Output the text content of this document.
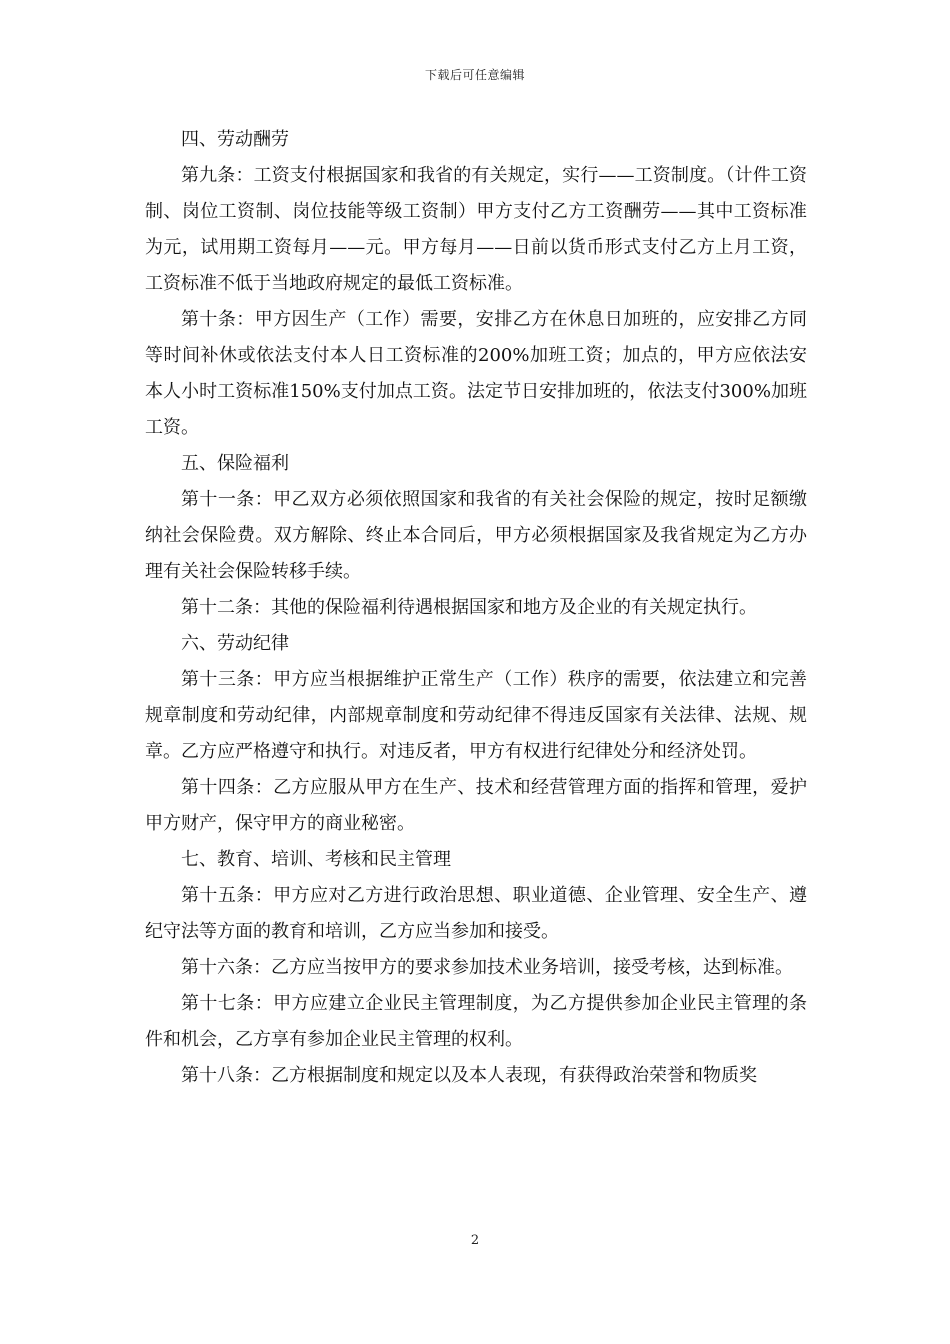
下载后可任意编辑

四、劳动酬劳

第九条：工资支付根据国家和我省的有关规定，实行——工资制度。（计件工资制、岗位工资制、岗位技能等级工资制）甲方支付乙方工资酬劳——其中工资标准为元，试用期工资每月——元。甲方每月——日前以货币形式支付乙方上月工资，工资标准不低于当地政府规定的最低工资标准。

第十条：甲方因生产（工作）需要，安排乙方在休息日加班的，应安排乙方同等时间补休或依法支付本人日工资标准的200%加班工资；加点的，甲方应依法安本人小时工资标准150%支付加点工资。法定节日安排加班的，依法支付300%加班工资。

五、保险福利

第十一条：甲乙双方必须依照国家和我省的有关社会保险的规定，按时足额缴纳社会保险费。双方解除、终止本合同后，甲方必须根据国家及我省规定为乙方办理有关社会保险转移手续。

第十二条：其他的保险福利待遇根据国家和地方及企业的有关规定执行。

六、劳动纪律

第十三条：甲方应当根据维护正常生产（工作）秩序的需要，依法建立和完善规章制度和劳动纪律，内部规章制度和劳动纪律不得违反国家有关法律、法规、规章。乙方应严格遵守和执行。对违反者，甲方有权进行纪律处分和经济处罚。

第十四条：乙方应服从甲方在生产、技术和经营管理方面的指挥和管理，爱护甲方财产，保守甲方的商业秘密。

七、教育、培训、考核和民主管理

第十五条：甲方应对乙方进行政治思想、职业道德、企业管理、安全生产、遵纪守法等方面的教育和培训，乙方应当参加和接受。

第十六条：乙方应当按甲方的要求参加技术业务培训，接受考核，达到标准。

第十七条：甲方应建立企业民主管理制度，为乙方提供参加企业民主管理的条件和机会，乙方享有参加企业民主管理的权利。

第十八条：乙方根据制度和规定以及本人表现，有获得政治荣誉和物质奖

2
